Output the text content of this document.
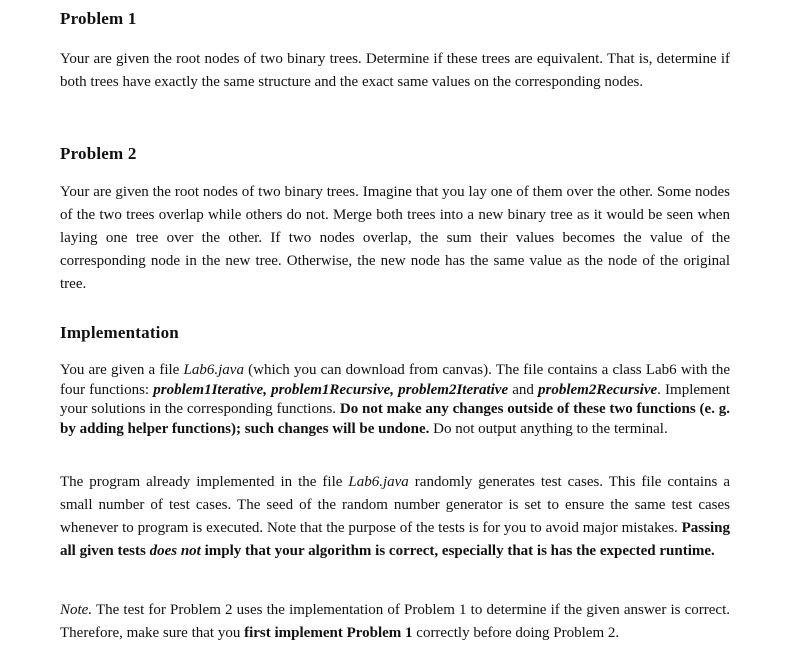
Problem 1

Your are given the root nodes of two binary trees. Determine if these trees are equivalent. That is, determine if both trees have exactly the same structure and the exact same values on the corresponding nodes.

Problem 2

Your are given the root nodes of two binary trees. Imagine that you lay one of them over the other. Some nodes of the two trees overlap while others do not. Merge both trees into a new binary tree as it would be seen when laying one tree over the other. If two nodes overlap, the sum their values becomes the value of the corresponding node in the new tree. Otherwise, the new node has the same value as the node of the original tree.

Implementation

You are given a file Lab6.java (which you can download from canvas). The file contains a class Lab6 with the four functions: problem1Iterative, problem1Recursive, problem2Iterative and problem2Recursive. Implement your solutions in the corresponding functions. Do not make any changes outside of these two functions (e. g. by adding helper functions); such changes will be undone. Do not output anything to the terminal.

The program already implemented in the file Lab6.java randomly generates test cases. This file contains a small number of test cases. The seed of the random number generator is set to ensure the same test cases whenever to program is executed. Note that the purpose of the tests is for you to avoid major mistakes. Passing all given tests does not imply that your algorithm is correct, especially that is has the expected runtime.

Note. The test for Problem 2 uses the implementation of Problem 1 to determine if the given answer is correct. Therefore, make sure that you first implement Problem 1 correctly before doing Problem 2.
